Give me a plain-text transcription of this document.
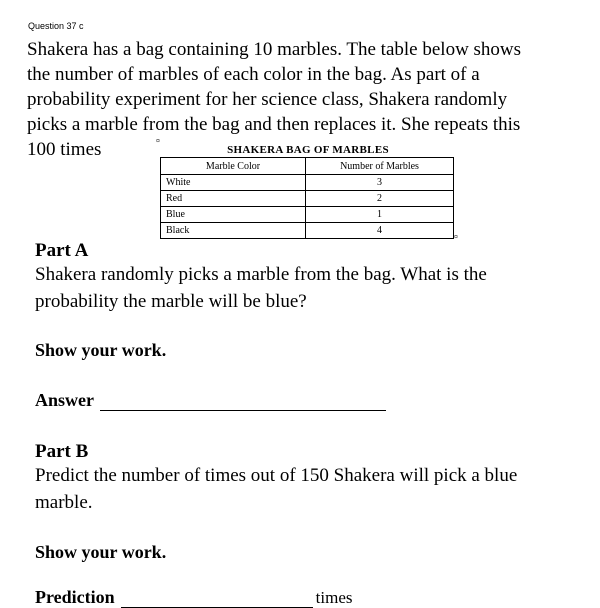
Question 37 c
Shakera has a bag containing 10 marbles. The table below shows
the number of marbles of each color in the bag. As part of a
probability experiment for her science class, Shakera randomly
picks a marble from the bag and then replaces it. She repeats this
100 times	¤
SHAKERA BAG OF MARBLES
Marble Color	Number of Marbles
White	3
Red	2
Blue	1
Black	4
¤
Part A
Shakera randomly picks a marble from the bag. What is the
probability the marble will be blue?
Show your work.
Answer
Part B
Predict the number of times out of 150 Shakera will pick a blue
marble.
Show your work.
Prediction	times
